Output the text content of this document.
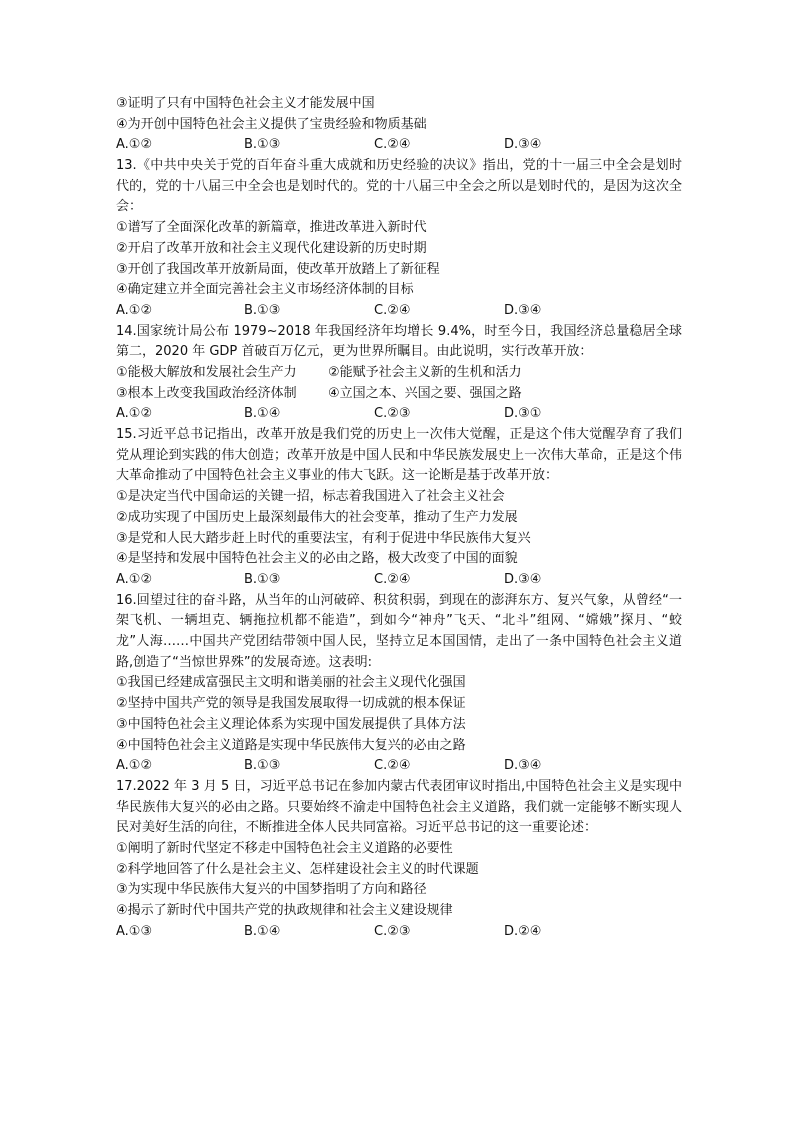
③证明了只有中国特色社会主义才能发展中国
④为开创中国特色社会主义提供了宝贵经验和物质基础
A.①②	B.①③	C.②④	D.③④
13.《中共中央关于党的百年奋斗重大成就和历史经验的决议》指出，党的十一届三中全会是划时代的，党的十八届三中全会也是划时代的。党的十八届三中全会之所以是划时代的，是因为这次全会：
①谱写了全面深化改革的新篇章，推进改革进入新时代
②开启了改革开放和社会主义现代化建设新的历史时期
③开创了我国改革开放新局面，使改革开放踏上了新征程
④确定建立并全面完善社会主义市场经济体制的目标
A.①②	B.①③	C.②④	D.③④
14.国家统计局公布 1979~2018 年我国经济年均增长 9.4%，时至今日，我国经济总量稳居全球第二，2020 年 GDP 首破百万亿元，更为世界所瞩目。由此说明，实行改革开放：
①能极大解放和发展社会生产力	②能赋予社会主义新的生机和活力
③根本上改变我国政治经济体制	④立国之本、兴国之要、强国之路
A.①②	B.①④	C.②③	D.③①
15.习近平总书记指出，改革开放是我们党的历史上一次伟大觉醒，正是这个伟大觉醒孕育了我们党从理论到实践的伟大创造；改革开放是中国人民和中华民族发展史上一次伟大革命，正是这个伟大革命推动了中国特色社会主义事业的伟大飞跃。这一论断是基于改革开放：
①是决定当代中国命运的关键一招，标志着我国进入了社会主义社会
②成功实现了中国历史上最深刻最伟大的社会变革，推动了生产力发展
③是党和人民大踏步赶上时代的重要法宝，有利于促进中华民族伟大复兴
④是坚持和发展中国特色社会主义的必由之路，极大改变了中国的面貌
A.①②	B.①③	C.②④	D.③④
16.回望过往的奋斗路，从当年的山河破碎、积贫积弱，到现在的澎湃东方、复兴气象，从曾经“一架飞机、一辆坦克、辆拖拉机都不能造”，到如今“神舟”飞天、“北斗”组网、“嫦娥”探月、“蛟龙”人海……中国共产党团结带领中国人民，坚持立足本国国情，走出了一条中国特色社会主义道路,创造了“当惊世界殊”的发展奇迹。这表明:
①我国已经建成富强民主文明和谐美丽的社会主义现代化强国
②坚持中国共产党的领导是我国发展取得一切成就的根本保证
③中国特色社会主义理论体系为实现中国发展提供了具体方法
④中国特色社会主义道路是实现中华民族伟大复兴的必由之路
A.①②	B.①③	C.②④	D.③④
17.2022 年 3 月 5 日，习近平总书记在参加内蒙古代表团审议时指出,中国特色社会主义是实现中华民族伟大复兴的必由之路。只要始终不渝走中国特色社会主义道路，我们就一定能够不断实现人民对美好生活的向往，不断推进全体人民共同富裕。习近平总书记的这一重要论述：
①阐明了新时代坚定不移走中国特色社会主义道路的必要性
②科学地回答了什么是社会主义、怎样建设社会主义的时代课题
③为实现中华民族伟大复兴的中国梦指明了方向和路径
④揭示了新时代中国共产党的执政规律和社会主义建设规律
A.①③	B.①④	C.②③	D.②④
